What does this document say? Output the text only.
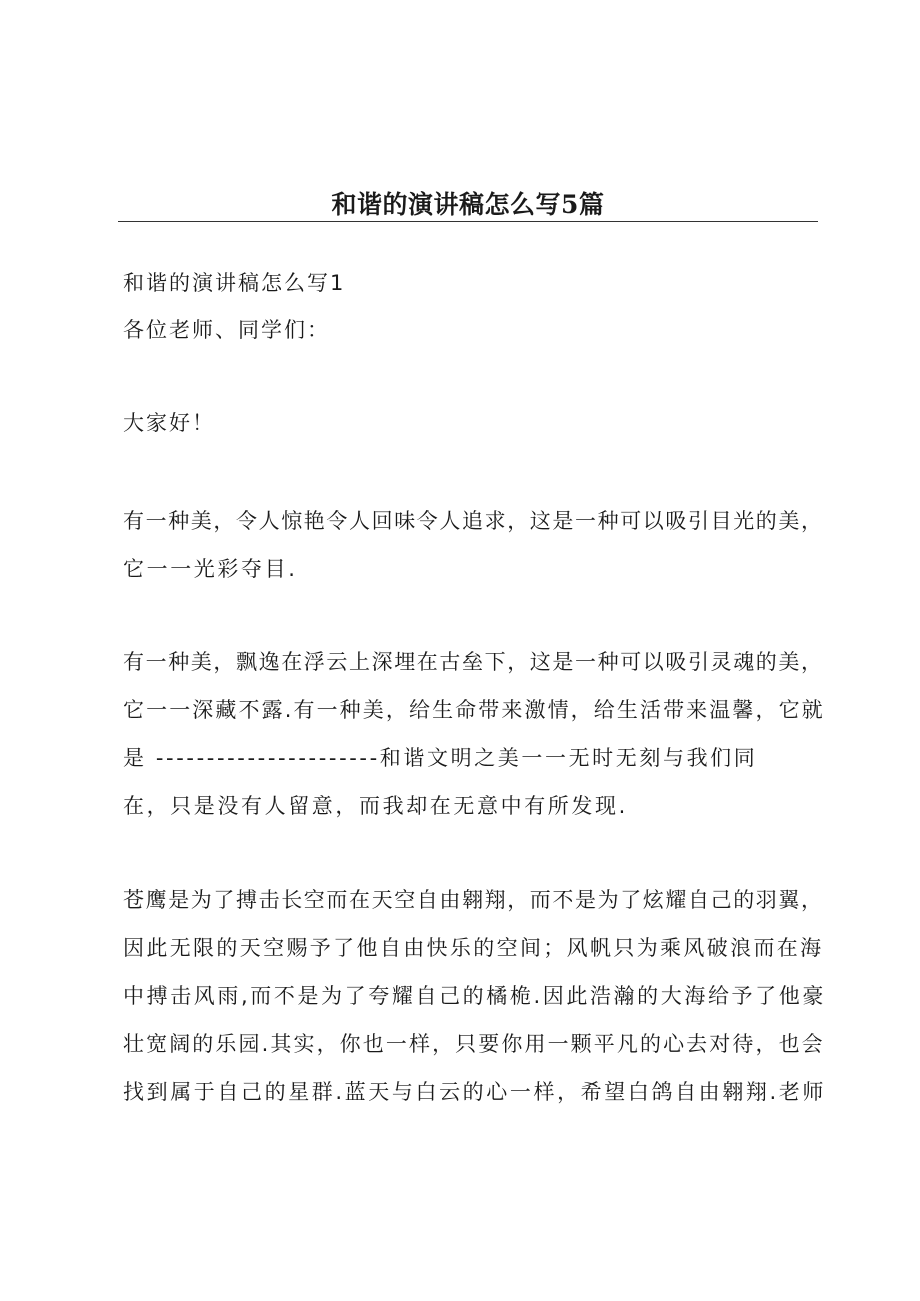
和谐的演讲稿怎么写5篇

和谐的演讲稿怎么写1

各位老师、同学们：

大家好！

有一种美，令人惊艳令人回味令人追求，这是一种可以吸引目光的美，

它一一光彩夺目.

有一种美，飘逸在浮云上深埋在古垒下，这是一种可以吸引灵魂的美，

它一一深藏不露.有一种美，给生命带来激情，给生活带来温馨，它就

是 ----------------------和谐文明之美一一无时无刻与我们同

在，只是没有人留意，而我却在无意中有所发现.

苍鹰是为了搏击长空而在天空自由翱翔，而不是为了炫耀自己的羽翼，

因此无限的天空赐予了他自由快乐的空间；风帆只为乘风破浪而在海

中搏击风雨,而不是为了夸耀自己的橘桅.因此浩瀚的大海给予了他豪

壮宽阔的乐园.其实，你也一样，只要你用一颗平凡的心去对待，也会

找到属于自己的星群.蓝天与白云的心一样，希望白鸽自由翱翔.老师
